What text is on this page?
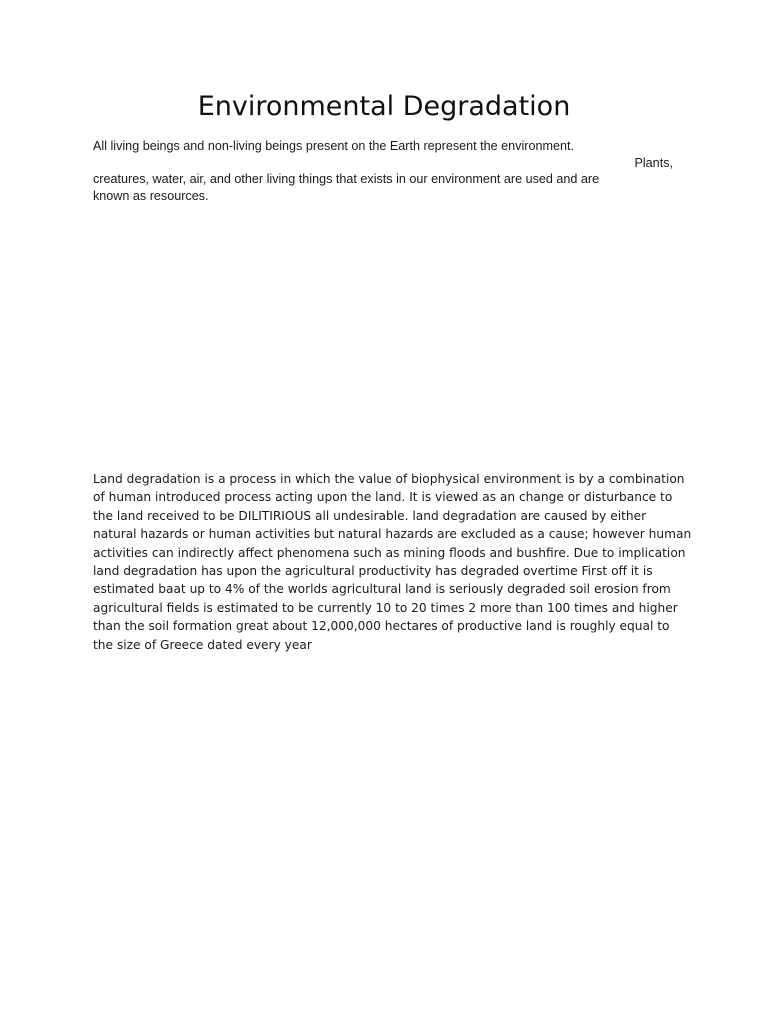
Environmental Degradation

All living beings and non-living beings present on the Earth represent the environment.
Plants,
creatures, water, air, and other living things that exists in our environment are used and are
known as resources.

Land degradation is a process in which the value of biophysical environment is by a combination
of human introduced process acting upon the land. It is viewed as an change or disturbance to
the land received to be DILITIRIOUS all undesirable. land degradation are caused by either
natural hazards or human activities but natural hazards are excluded as a cause; however human
activities can indirectly affect phenomena such as mining floods and bushfire. Due to implication
land degradation has upon the agricultural productivity has degraded overtime First off it is
estimated baat up to 4% of the worlds agricultural land is seriously degraded soil erosion from
agricultural fields is estimated to be currently 10 to 20 times 2 more than 100 times and higher
than the soil formation great about 12,000,000 hectares of productive land is roughly equal to
the size of Greece dated every year
